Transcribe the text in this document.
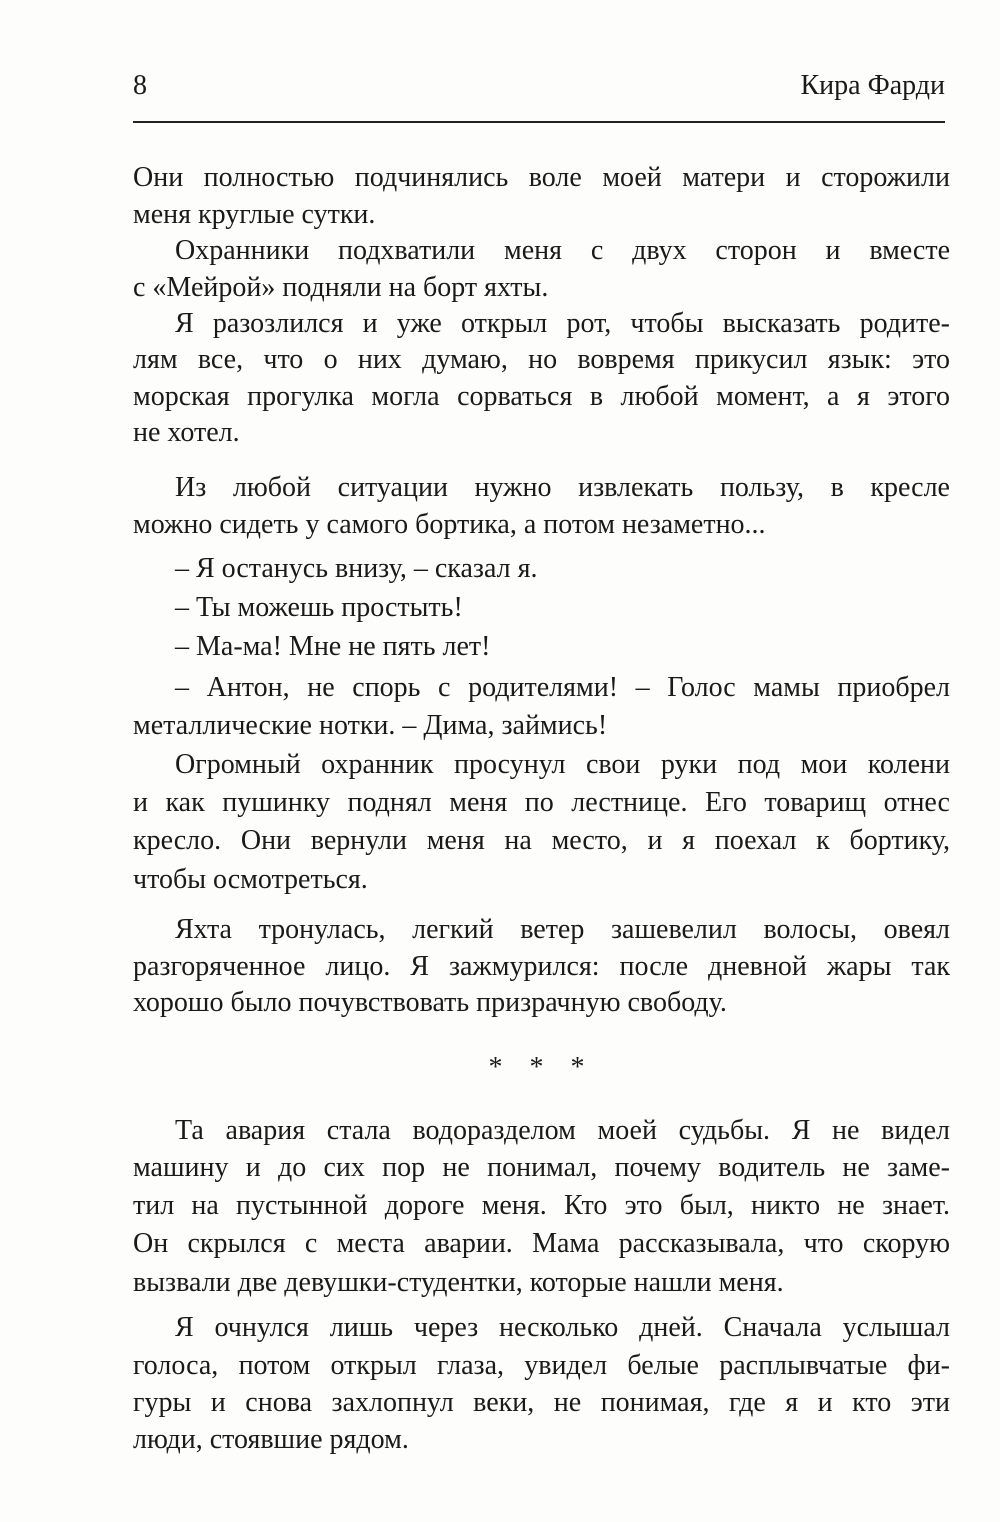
8	Кира Фарди
Они полностью подчинялись воле моей матери и сторожили
меня круглые сутки.
Охранники подхватили меня с двух сторон и вместе
с «Мейрой» подняли на борт яхты.
Я разозлился и уже открыл рот, чтобы высказать родите-
лям все, что о них думаю, но вовремя прикусил язык: это
морская прогулка могла сорваться в любой момент, а я этого
не хотел.
Из любой ситуации нужно извлекать пользу, в кресле
можно сидеть у самого бортика, а потом незаметно...
– Я останусь внизу, – сказал я.
– Ты можешь простыть!
– Ма-ма! Мне не пять лет!
– Антон, не спорь с родителями! – Голос мамы приобрел
металлические нотки. – Дима, займись!
Огромный охранник просунул свои руки под мои колени
и как пушинку поднял меня по лестнице. Его товарищ отнес
кресло. Они вернули меня на место, и я поехал к бортику,
чтобы осмотреться.
Яхта тронулась, легкий ветер зашевелил волосы, овеял
разгоряченное лицо. Я зажмурился: после дневной жары так
хорошо было почувствовать призрачную свободу.
* * *
Та авария стала водоразделом моей судьбы. Я не видел
машину и до сих пор не понимал, почему водитель не заме-
тил на пустынной дороге меня. Кто это был, никто не знает.
Он скрылся с места аварии. Мама рассказывала, что скорую
вызвали две девушки-студентки, которые нашли меня.
Я очнулся лишь через несколько дней. Сначала услышал
голоса, потом открыл глаза, увидел белые расплывчатые фи-
гуры и снова захлопнул веки, не понимая, где я и кто эти
люди, стоявшие рядом.
